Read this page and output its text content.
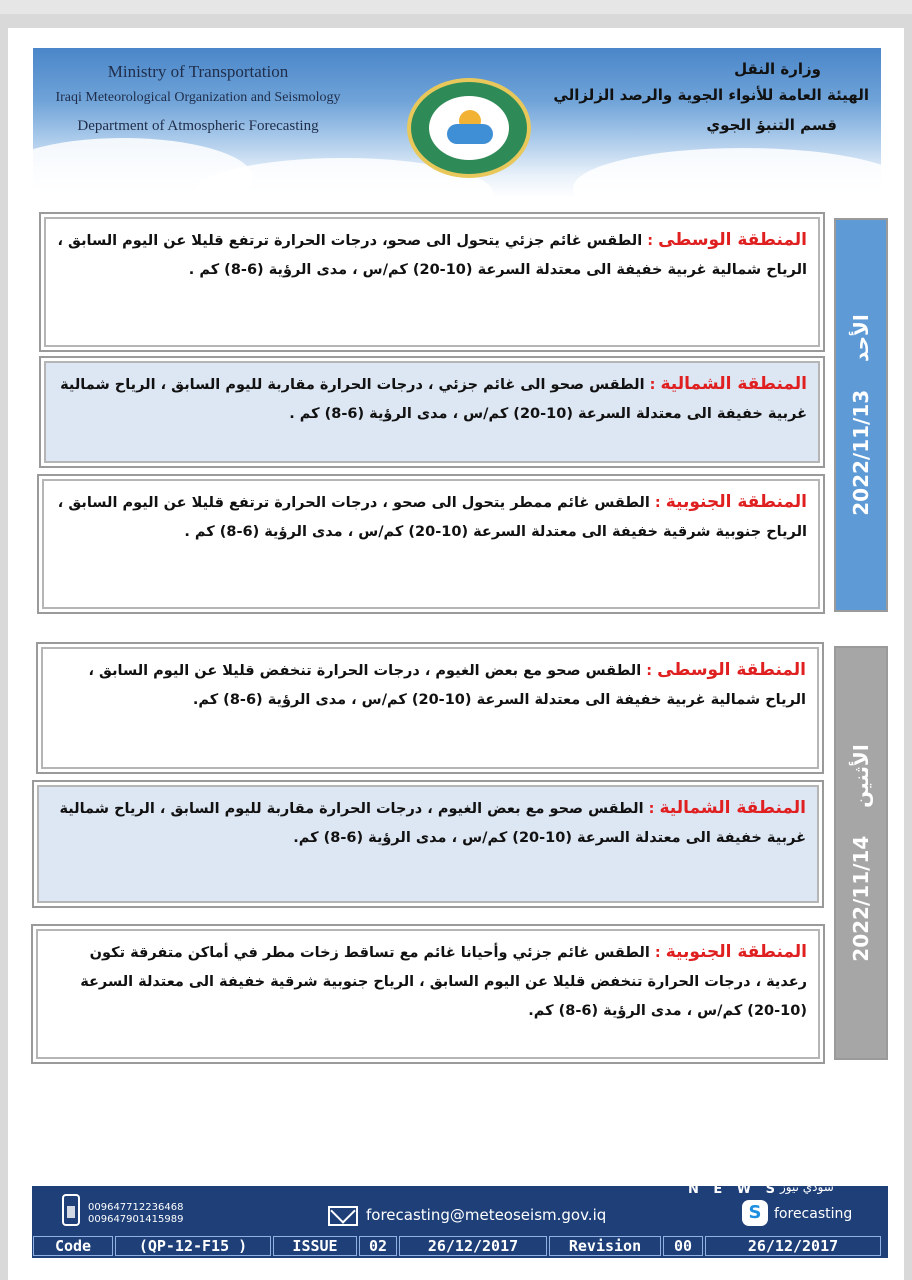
Ministry of Transportation
Iraqi Meteorological Organization and Seismology
Department of Atmospheric Forecasting
وزارة النقل
الهيئة العامة للأنواء الجوية والرصد الزلزالي
قسم التنبؤ الجوي
الأحد    2022/11/13
المنطقة الوسطى : الطقس غائم جزئي يتحول الى صحو، درجات الحرارة ترتفع قليلا عن اليوم السابق ، الرياح شمالية غربية خفيفة الى معتدلة السرعة (10-20) كم/س ، مدى الرؤية (6-8) كم .
المنطقة الشمالية : الطقس صحو الى غائم جزئي ، درجات الحرارة مقاربة لليوم السابق ، الرياح شمالية غربية خفيفة الى معتدلة السرعة (10-20) كم/س ، مدى الرؤية (6-8) كم .
المنطقة الجنوبية : الطقس غائم ممطر يتحول الى صحو ، درجات الحرارة ترتفع قليلا عن اليوم السابق ، الرياح جنوبية شرقية خفيفة الى معتدلة السرعة (10-20) كم/س ، مدى الرؤية (6-8) كم .
الأثنين    2022/11/14
المنطقة الوسطى : الطقس صحو مع بعض الغيوم ، درجات الحرارة تنخفض قليلا عن اليوم السابق ، الرياح شمالية غربية خفيفة الى معتدلة السرعة (10-20) كم/س ، مدى الرؤية (6-8) كم.
المنطقة الشمالية : الطقس صحو مع بعض الغيوم ، درجات الحرارة مقاربة لليوم السابق ، الرياح شمالية غربية خفيفة الى معتدلة السرعة (10-20) كم/س ، مدى الرؤية (6-8) كم.
المنطقة الجنوبية : الطقس غائم جزئي وأحيانا غائم مع تساقط زخات مطر في أماكن متفرقة تكون رعدية ، درجات الحرارة تنخفض قليلا عن اليوم السابق ، الرياح جنوبية شرقية خفيفة الى معتدلة السرعة (10-20) كم/س ، مدى الرؤية (6-8) كم.
N E W S سودي نيوز
009647712236468
009647901415989	forecasting@meteoseism.gov.iq	S forecasting
Code	(QP-12-F15 )	ISSUE	02	26/12/2017	Revision	00	26/12/2017
